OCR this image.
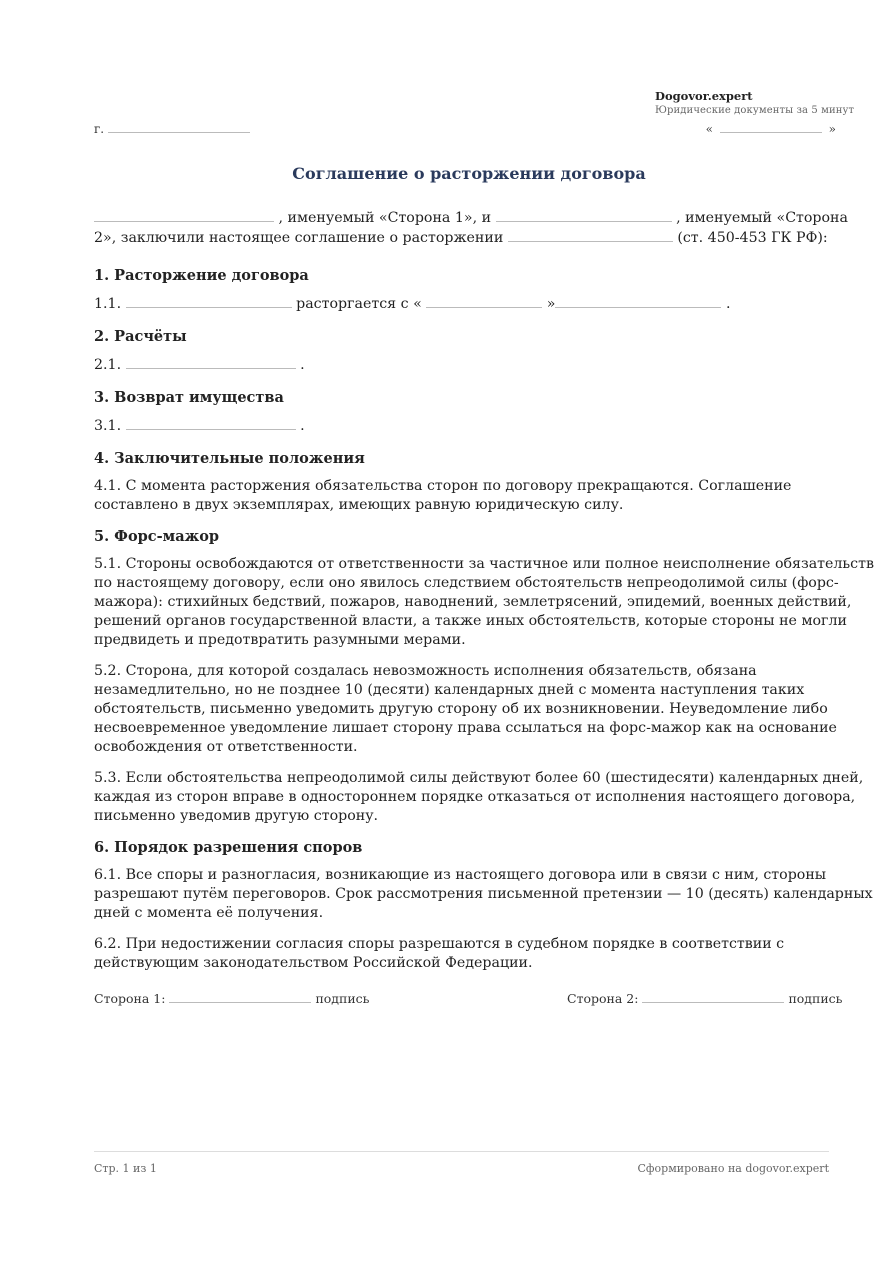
Dogovor.expert
Юридические документы за 5 минут
г.	«	»
Соглашение о расторжении договора

, именуемый «Сторона 1», и	, именуемый «Сторона 2», заключили настоящее соглашение о расторжении	(ст. 450-453 ГК РФ):

1. Расторжение договора

1.1.	расторгается с «	»	.

2. Расчёты

2.1.	.

3. Возврат имущества

3.1.	.

4. Заключительные положения

4.1. С момента расторжения обязательства сторон по договору прекращаются. Соглашение составлено в двух экземплярах, имеющих равную юридическую силу.

5. Форс-мажор

5.1. Стороны освобождаются от ответственности за частичное или полное неисполнение обязательств по настоящему договору, если оно явилось следствием обстоятельств непреодолимой силы (форс-мажора): стихийных бедствий, пожаров, наводнений, землетрясений, эпидемий, военных действий, решений органов государственной власти, а также иных обстоятельств, которые стороны не могли предвидеть и предотвратить разумными мерами.

5.2. Сторона, для которой создалась невозможность исполнения обязательств, обязана незамедлительно, но не позднее 10 (десяти) календарных дней с момента наступления таких обстоятельств, письменно уведомить другую сторону об их возникновении. Неуведомление либо несвоевременное уведомление лишает сторону права ссылаться на форс-мажор как на основание освобождения от ответственности.

5.3. Если обстоятельства непреодолимой силы действуют более 60 (шестидесяти) календарных дней, каждая из сторон вправе в одностороннем порядке отказаться от исполнения настоящего договора, письменно уведомив другую сторону.

6. Порядок разрешения споров

6.1. Все споры и разногласия, возникающие из настоящего договора или в связи с ним, стороны разрешают путём переговоров. Срок рассмотрения письменной претензии — 10 (десять) календарных дней с момента её получения.

6.2. При недостижении согласия споры разрешаются в судебном порядке в соответствии с действующим законодательством Российской Федерации.

Сторона 1:	подпись	Сторона 2:	подпись
Стр. 1 из 1	Сформировано на dogovor.expert
